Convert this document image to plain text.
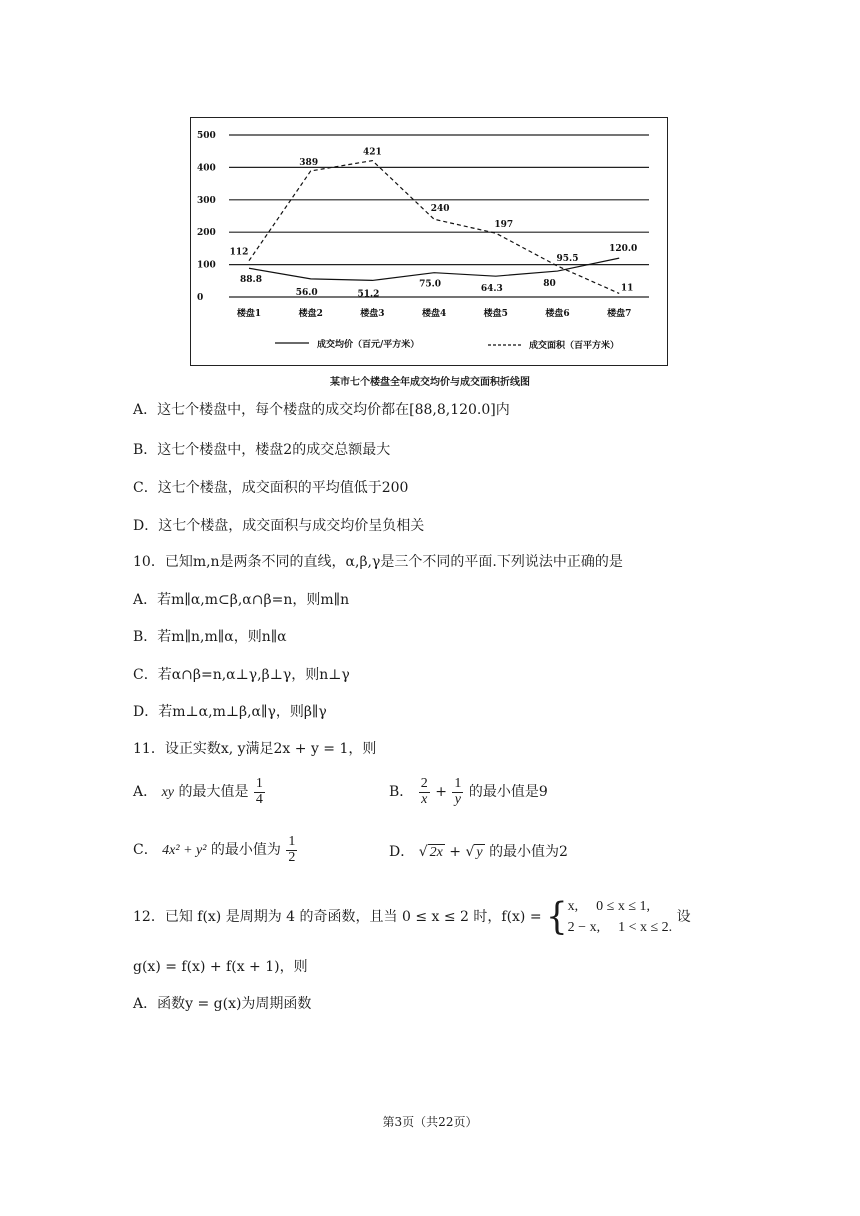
0
100
200
300
400
500
楼盘1	楼盘2	楼盘3	楼盘4	楼盘5	楼盘6	楼盘7
88.8
56.0	51.2
75.0	64.3
80
120.0
112
389
421
240
197
95.5
11
成交均价（百元/平方米）	成交面积（百平方米）
某市七个楼盘全年成交均价与成交面积折线图
A．这七个楼盘中，每个楼盘的成交均价都在[88,8,120.0]内
B．这七个楼盘中，楼盘2的成交总额最大
C．这七个楼盘，成交面积的平均值低于200
D．这七个楼盘，成交面积与成交均价呈负相关
10．已知m,n是两条不同的直线，α,β,γ是三个不同的平面.下列说法中正确的是
A．若m∥α,m⊂β,α∩β=n，则m∥n
B．若m∥n,m∥α，则n∥α
C．若α∩β=n,α⊥γ,β⊥γ，则n⊥γ
D．若m⊥α,m⊥β,α∥γ，则β∥γ
11．设正实数x, y满足2x + y = 1，则
A． xy 的最大值是 $\frac{1}{4}$	B． $\frac{2}{x} + \frac{1}{y}$ 的最小值是9
C． 4x² + y² 的最小值为 $\frac{1}{2}$	D． √ 2x + √ y 的最小值为2
12．已知 f(x) 是周期为 4 的奇函数，且当 0 ≤ x ≤ 2 时，f(x) = { x, 0 ≤ x ≤ 1,
2 − x, 1 < x ≤ 2.
设
g(x) = f(x) + f(x + 1)，则
A．函数y = g(x)为周期函数
第3页（共22页）
